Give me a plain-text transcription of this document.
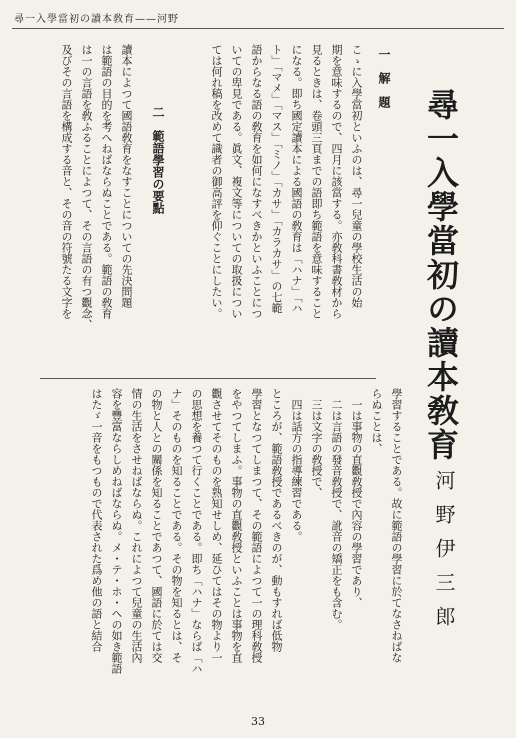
尋一入學當初の讀本敎育——河野
尋一入學當初の讀本敎育
河野伊三郎
一　解　題
こゝに入學當初といふのは、尋一兒童の學校生活の始
期を意味するので、四月に該當する。亦敎科書敎材から
見るときは、卷頭三頁までの語即ち範語を意味すること
になる。即ち國定讀本による國語の敎育は「ハナ」「ハ
ト」「マメ」「マス」「ミノ」「カサ」「カラカサ」の七範
語からなる語の敎育を如何になすべきかといふことにつ
いての卑見である。眞文、複文等についての取扱につい
ては何れ稿を改めて識者の御高評を仰ぐことにしたい。
二　範語學習の要點
讀本によつて國語敎育をなすことについての先決問題
は範語の目的を考へねばならぬことである。範語の敎育
は一の言語を敎ふることによつて、その言語の有つ觀念、
及びその言語を構成する音と、その音の符號たる文字を
學習することである。故に範語の學習に於てなさねばな
らぬことは、
　一は事物の直觀敎授で內容の學習であり、
　二は言語の發音敎授で、訛音の矯正をも含む。
　三は文字の敎授で、
　四は話方の指導練習である。
ところが、範語敎授であるべきのが、動もすれば低物
學習となつてしまつて、その範語によつて一の理科敎授
をやつてしまふ。事物の直觀敎授といふことは事物を直
觀させてそのものを熟知せしめ、延ひてはその物より一
の思想を養つて行くことである。即ち「ハナ」ならば「ハ
ナ」そのものを知ることである。その物を知るとは、そ
の物と人との關係を知ることであつて、國語に於ては交
情の生活をさせねばならぬ。これによつて兒童の生活內
容を豐富ならしめねばならぬ。メ・テ・ホ・ヘの如き範語
はたゞ一音をもつもので代表された爲め他の語と結合
33
